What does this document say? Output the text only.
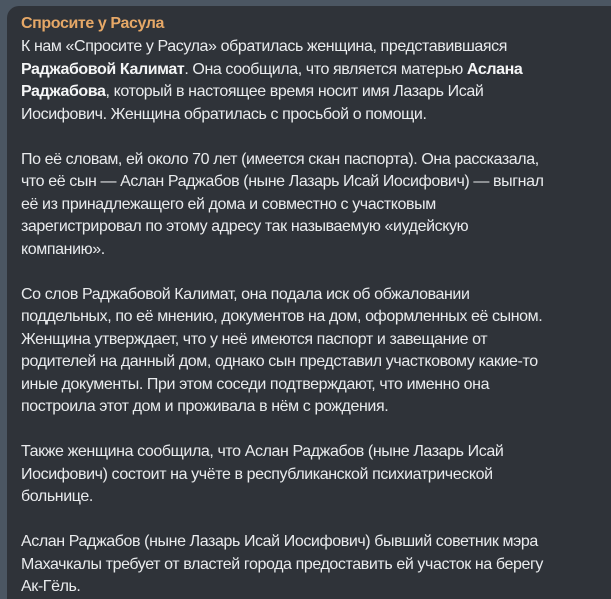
Спросите у Расула
К нам «Спросите у Расула» обратилась женщина, представившаяся
Раджабовой Калимат. Она сообщила, что является матерью Аслана
Раджабова, который в настоящее время носит имя Лазарь Исай
Иосифович. Женщина обратилась с просьбой о помощи.
По её словам, ей около 70 лет (имеется скан паспорта). Она рассказала,
что её сын — Аслан Раджабов (ныне Лазарь Исай Иосифович) — выгнал
её из принадлежащего ей дома и совместно с участковым
зарегистрировал по этому адресу так называемую «иудейскую
компанию».
Со слов Раджабовой Калимат, она подала иск об обжаловании
поддельных, по её мнению, документов на дом, оформленных её сыном.
Женщина утверждает, что у неё имеются паспорт и завещание от
родителей на данный дом, однако сын представил участковому какие-то
иные документы. При этом соседи подтверждают, что именно она
построила этот дом и проживала в нём с рождения.
Также женщина сообщила, что Аслан Раджабов (ныне Лазарь Исай
Иосифович) состоит на учёте в республиканской психиатрической
больнице.
Аслан Раджабов (ныне Лазарь Исай Иосифович) бывший советник мэра
Махачкалы требует от властей города предоставить ей участок на берегу
Ак-Гёль.
